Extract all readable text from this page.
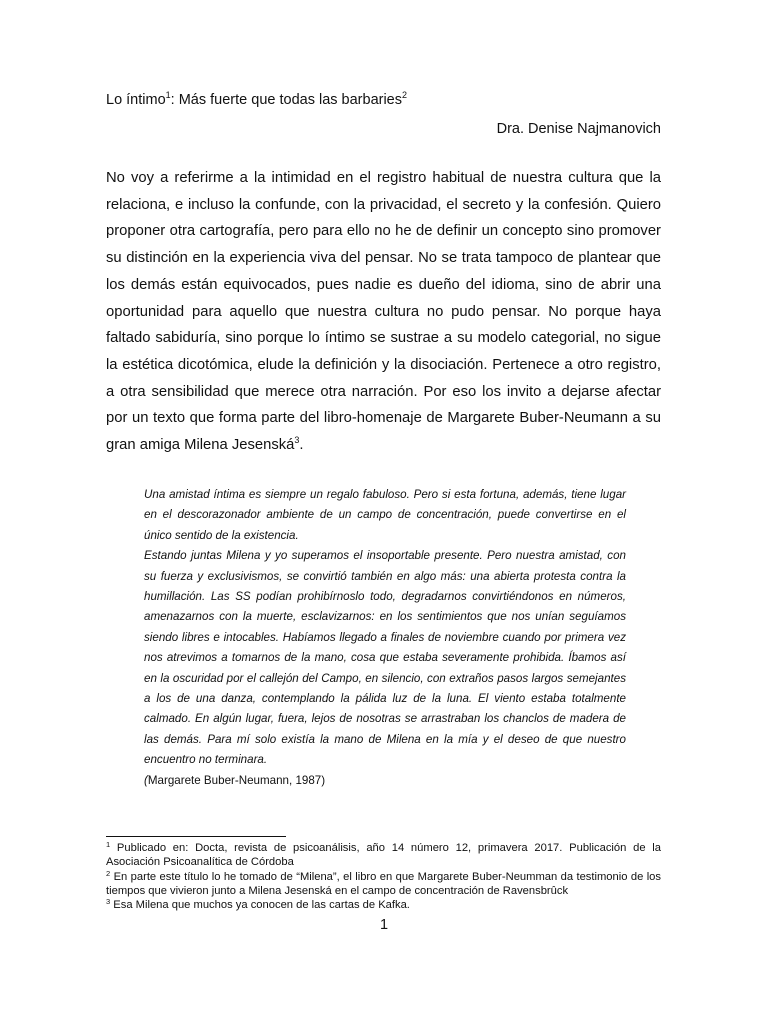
Lo íntimo$^1$: Más fuerte que todas las barbaries$^2$
Dra. Denise Najmanovich

No voy a referirme a la intimidad en el registro habitual de nuestra cultura que la relaciona, e incluso la confunde, con la privacidad, el secreto y la confesión. Quiero proponer otra cartografía, pero para ello no he de definir un concepto sino promover su distinción en la experiencia viva del pensar. No se trata tampoco de plantear que los demás están equivocados, pues nadie es dueño del idioma, sino de abrir una oportunidad para aquello que nuestra cultura no pudo pensar. No porque haya faltado sabiduría, sino porque lo íntimo se sustrae a su modelo categorial, no sigue la estética dicotómica, elude la definición y la disociación. Pertenece a otro registro, a otra sensibilidad que merece otra narración. Por eso los invito a dejarse afectar por un texto que forma parte del libro-homenaje de Margarete Buber-Neumann a su gran amiga Milena Jesenská$^3$.

Una amistad íntima es siempre un regalo fabuloso. Pero si esta fortuna, además, tiene lugar en el descorazonador ambiente de un campo de concentración, puede convertirse en el único sentido de la existencia.

Estando juntas Milena y yo superamos el insoportable presente. Pero nuestra amistad, con su fuerza y exclusivismos, se convirtió también en algo más: una abierta protesta contra la humillación. Las SS podían prohibírnoslo todo, degradarnos convirtiéndonos en números, amenazarnos con la muerte, esclavizarnos: en los sentimientos que nos unían seguíamos siendo libres e intocables. Habíamos llegado a finales de noviembre cuando por primera vez nos atrevimos a tomarnos de la mano, cosa que estaba severamente prohibida. Íbamos así en la oscuridad por el callejón del Campo, en silencio, con extraños pasos largos semejantes a los de una danza, contemplando la pálida luz de la luna. El viento estaba totalmente calmado. En algún lugar, fuera, lejos de nosotras se arrastraban los chanclos de madera de las demás. Para mí solo existía la mano de Milena en la mía y el deseo de que nuestro encuentro no terminara.
(Margarete Buber-Neumann, 1987)

$^1$ Publicado en: Docta, revista de psicoanálisis, año 14 número 12, primavera 2017. Publicación de la Asociación Psicoanalítica de Córdoba

$^2$ En parte este título lo he tomado de “Milena”, el libro en que Margarete Buber-Neumman da testimonio de los tiempos que vivieron junto a Milena Jesenská en el campo de concentración de Ravensbrûck

$^3$ Esa Milena que muchos ya conocen de las cartas de Kafka.

1
